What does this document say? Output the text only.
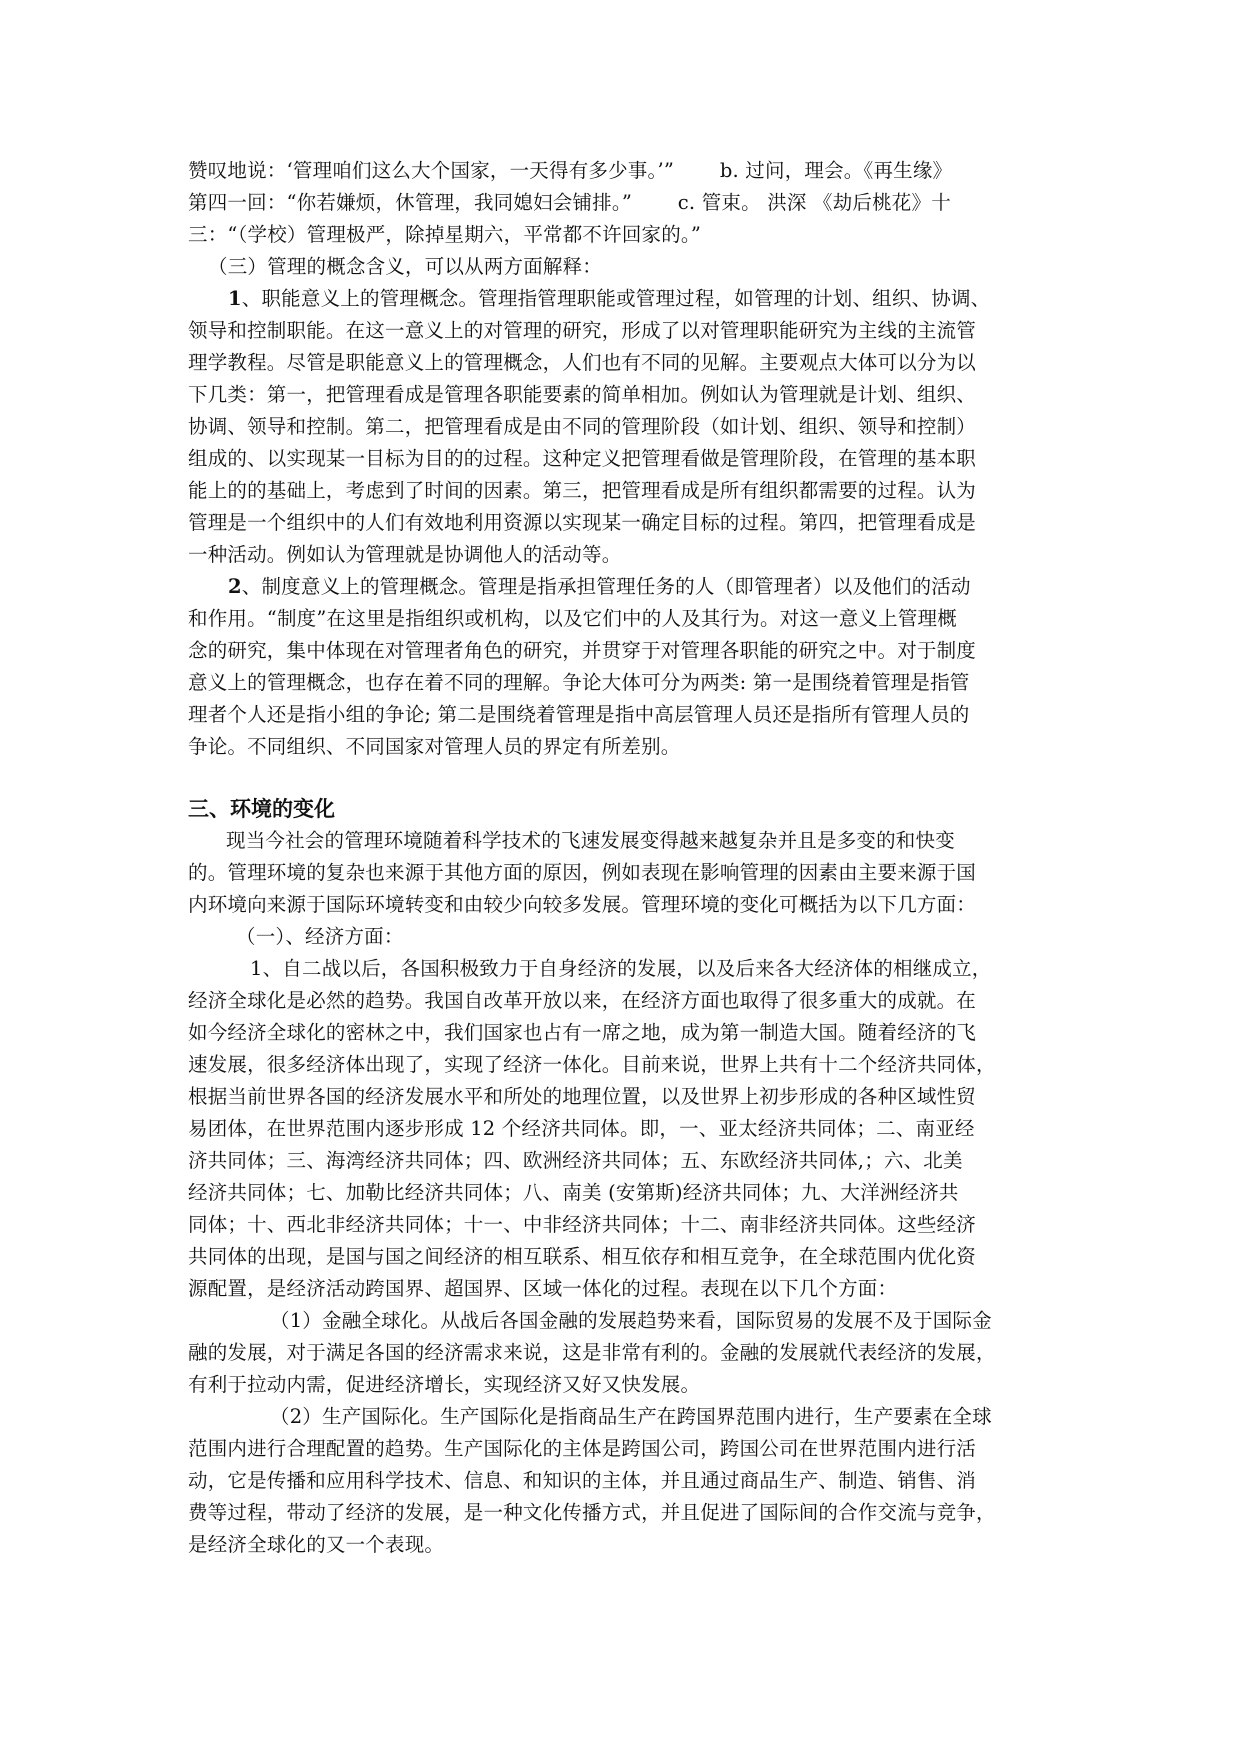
赞叹地说：‘管理咱们这么大个国家，一天得有多少事。’”　　 b. 过问，理会。《再生缘》

第四一回：“你若嫌烦，休管理，我同媳妇会铺排。”　　 c. 管束。 洪深 《劫后桃花》十

三：“（学校）管理极严，除掉星期六，平常都不许回家的。”

（三）管理的概念含义，可以从两方面解释：

1、职能意义上的管理概念。管理指管理职能或管理过程，如管理的计划、组织、协调、

领导和控制职能。在这一意义上的对管理的研究，形成了以对管理职能研究为主线的主流管

理学教程。尽管是职能意义上的管理概念，人们也有不同的见解。主要观点大体可以分为以

下几类：第一，把管理看成是管理各职能要素的简单相加。例如认为管理就是计划、组织、

协调、领导和控制。第二，把管理看成是由不同的管理阶段（如计划、组织、领导和控制）

组成的、以实现某一目标为目的的过程。这种定义把管理看做是管理阶段，在管理的基本职

能上的的基础上，考虑到了时间的因素。第三，把管理看成是所有组织都需要的过程。认为

管理是一个组织中的人们有效地利用资源以实现某一确定目标的过程。第四，把管理看成是

一种活动。例如认为管理就是协调他人的活动等。

2、制度意义上的管理概念。管理是指承担管理任务的人（即管理者）以及他们的活动

和作用。“制度”在这里是指组织或机构，以及它们中的人及其行为。对这一意义上管理概

念的研究，集中体现在对管理者角色的研究，并贯穿于对管理各职能的研究之中。对于制度

意义上的管理概念，也存在着不同的理解。争论大体可分为两类: 第一是围绕着管理是指管

理者个人还是指小组的争论; 第二是围绕着管理是指中高层管理人员还是指所有管理人员的

争论。不同组织、不同国家对管理人员的界定有所差别。

三、环境的变化

现当今社会的管理环境随着科学技术的飞速发展变得越来越复杂并且是多变的和快变

的。管理环境的复杂也来源于其他方面的原因，例如表现在影响管理的因素由主要来源于国

内环境向来源于国际环境转变和由较少向较多发展。管理环境的变化可概括为以下几方面：

（一）、经济方面：

1、自二战以后，各国积极致力于自身经济的发展，以及后来各大经济体的相继成立，

经济全球化是必然的趋势。我国自改革开放以来，在经济方面也取得了很多重大的成就。在

如今经济全球化的密林之中，我们国家也占有一席之地，成为第一制造大国。随着经济的飞

速发展，很多经济体出现了，实现了经济一体化。目前来说，世界上共有十二个经济共同体，

根据当前世界各国的经济发展水平和所处的地理位置，以及世界上初步形成的各种区域性贸

易团体，在世界范围内逐步形成 12 个经济共同体。即，一、亚太经济共同体；二、南亚经

济共同体；三、海湾经济共同体；四、欧洲经济共同体；五、东欧经济共同体,；六、北美

经济共同体；七、加勒比经济共同体；八、南美 (安第斯)经济共同体；九、大洋洲经济共

同体；十、西北非经济共同体；十一、中非经济共同体；十二、南非经济共同体。这些经济

共同体的出现，是国与国之间经济的相互联系、相互依存和相互竞争，在全球范围内优化资

源配置，是经济活动跨国界、超国界、区域一体化的过程。表现在以下几个方面：

（1）金融全球化。从战后各国金融的发展趋势来看，国际贸易的发展不及于国际金

融的发展，对于满足各国的经济需求来说，这是非常有利的。金融的发展就代表经济的发展，

有利于拉动内需，促进经济增长，实现经济又好又快发展。

（2）生产国际化。生产国际化是指商品生产在跨国界范围内进行，生产要素在全球

范围内进行合理配置的趋势。生产国际化的主体是跨国公司，跨国公司在世界范围内进行活

动，它是传播和应用科学技术、信息、和知识的主体，并且通过商品生产、制造、销售、消

费等过程，带动了经济的发展，是一种文化传播方式，并且促进了国际间的合作交流与竞争，

是经济全球化的又一个表现。
